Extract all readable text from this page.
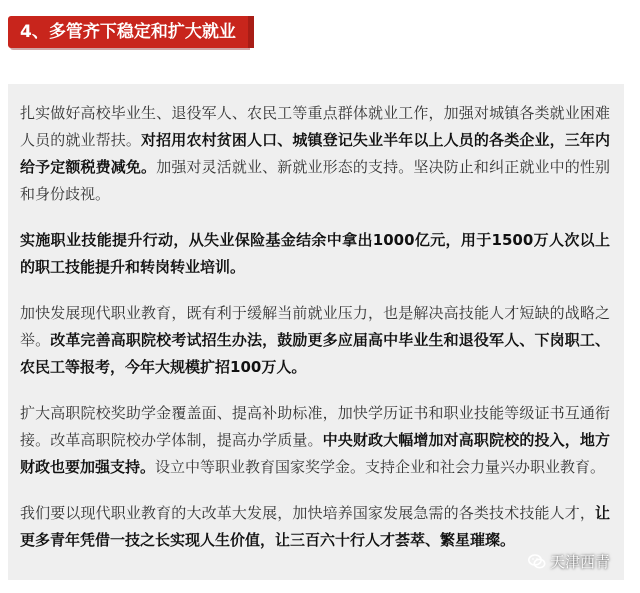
4、多管齐下稳定和扩大就业

扎实做好高校毕业生、退役军人、农民工等重点群体就业工作，加强对城镇各类就业困难人员的就业帮扶。对招用农村贫困人口、城镇登记失业半年以上人员的各类企业，三年内给予定额税费减免。加强对灵活就业、新就业形态的支持。坚决防止和纠正就业中的性别和身份歧视。

实施职业技能提升行动，从失业保险基金结余中拿出1000亿元，用于1500万人次以上的职工技能提升和转岗转业培训。

加快发展现代职业教育，既有利于缓解当前就业压力，也是解决高技能人才短缺的战略之举。改革完善高职院校考试招生办法，鼓励更多应届高中毕业生和退役军人、下岗职工、农民工等报考，今年大规模扩招100万人。

扩大高职院校奖助学金覆盖面、提高补助标准，加快学历证书和职业技能等级证书互通衔接。改革高职院校办学体制，提高办学质量。中央财政大幅增加对高职院校的投入，地方财政也要加强支持。设立中等职业教育国家奖学金。支持企业和社会力量兴办职业教育。

我们要以现代职业教育的大改革大发展，加快培养国家发展急需的各类技术技能人才，让更多青年凭借一技之长实现人生价值，让三百六十行人才荟萃、繁星璀璨。

天津西青
